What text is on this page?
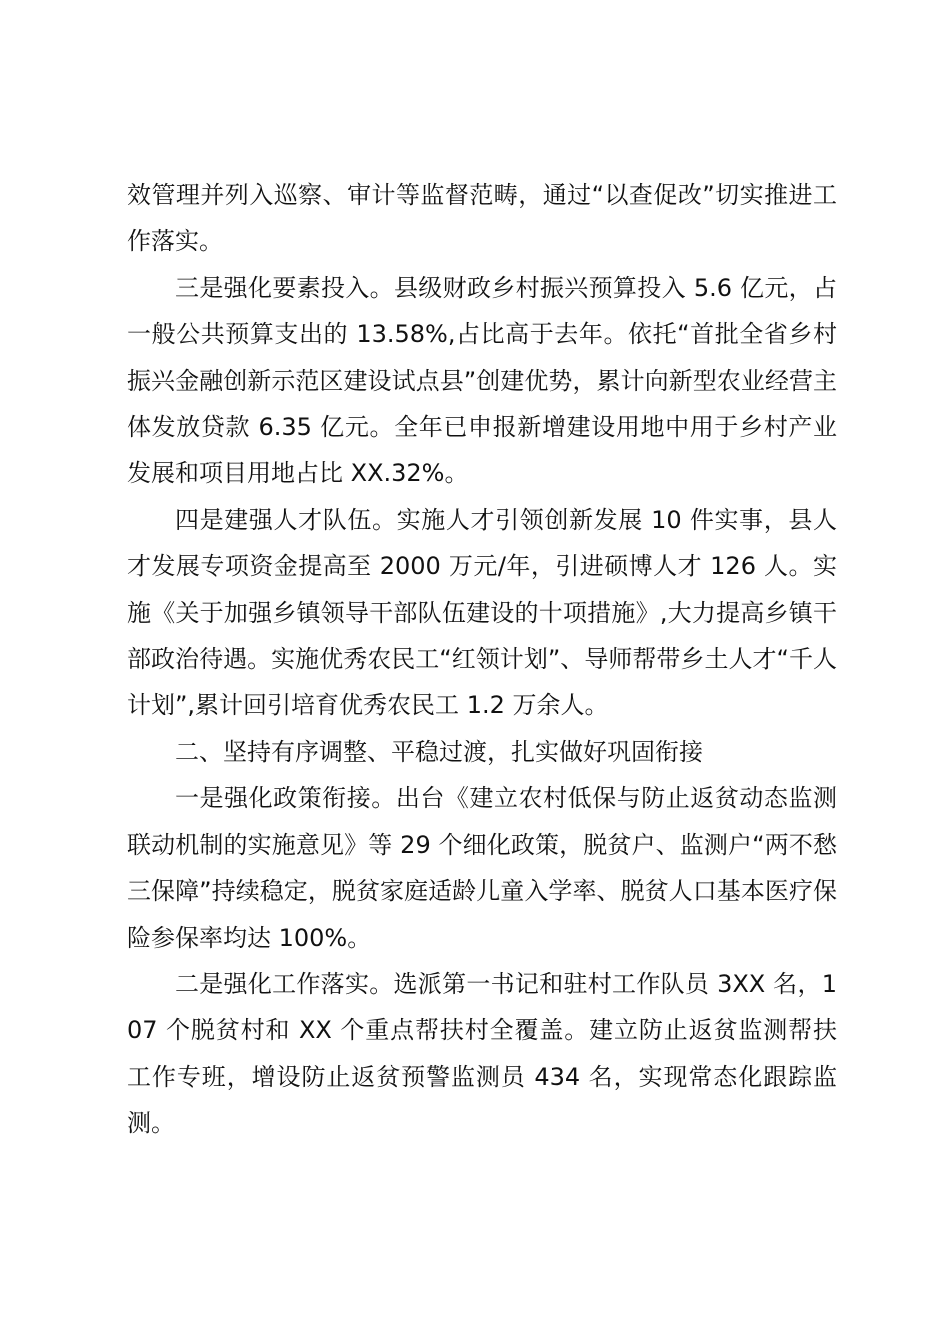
效管理并列入巡察、审计等监督范畴，通过“以查促改”切实推进工作落实。

三是强化要素投入。县级财政乡村振兴预算投入 5.6 亿元，占一般公共预算支出的 13.58%,占比高于去年。依托“首批全省乡村振兴金融创新示范区建设试点县”创建优势，累计向新型农业经营主体发放贷款 6.35 亿元。全年已申报新增建设用地中用于乡村产业发展和项目用地占比 XX.32%。

四是建强人才队伍。实施人才引领创新发展 10 件实事，县人才发展专项资金提高至 2000 万元/年，引进硕博人才 126 人。实施《关于加强乡镇领导干部队伍建设的十项措施》,大力提高乡镇干部政治待遇。实施优秀农民工“红领计划”、导师帮带乡土人才“千人计划”,累计回引培育优秀农民工 1.2 万余人。

二、坚持有序调整、平稳过渡，扎实做好巩固衔接

一是强化政策衔接。出台《建立农村低保与防止返贫动态监测联动机制的实施意见》等 29 个细化政策，脱贫户、监测户“两不愁三保障”持续稳定，脱贫家庭适龄儿童入学率、脱贫人口基本医疗保险参保率均达 100%。

二是强化工作落实。选派第一书记和驻村工作队员 3XX 名，107 个脱贫村和 XX 个重点帮扶村全覆盖。建立防止返贫监测帮扶工作专班，增设防止返贫预警监测员 434 名，实现常态化跟踪监测。
